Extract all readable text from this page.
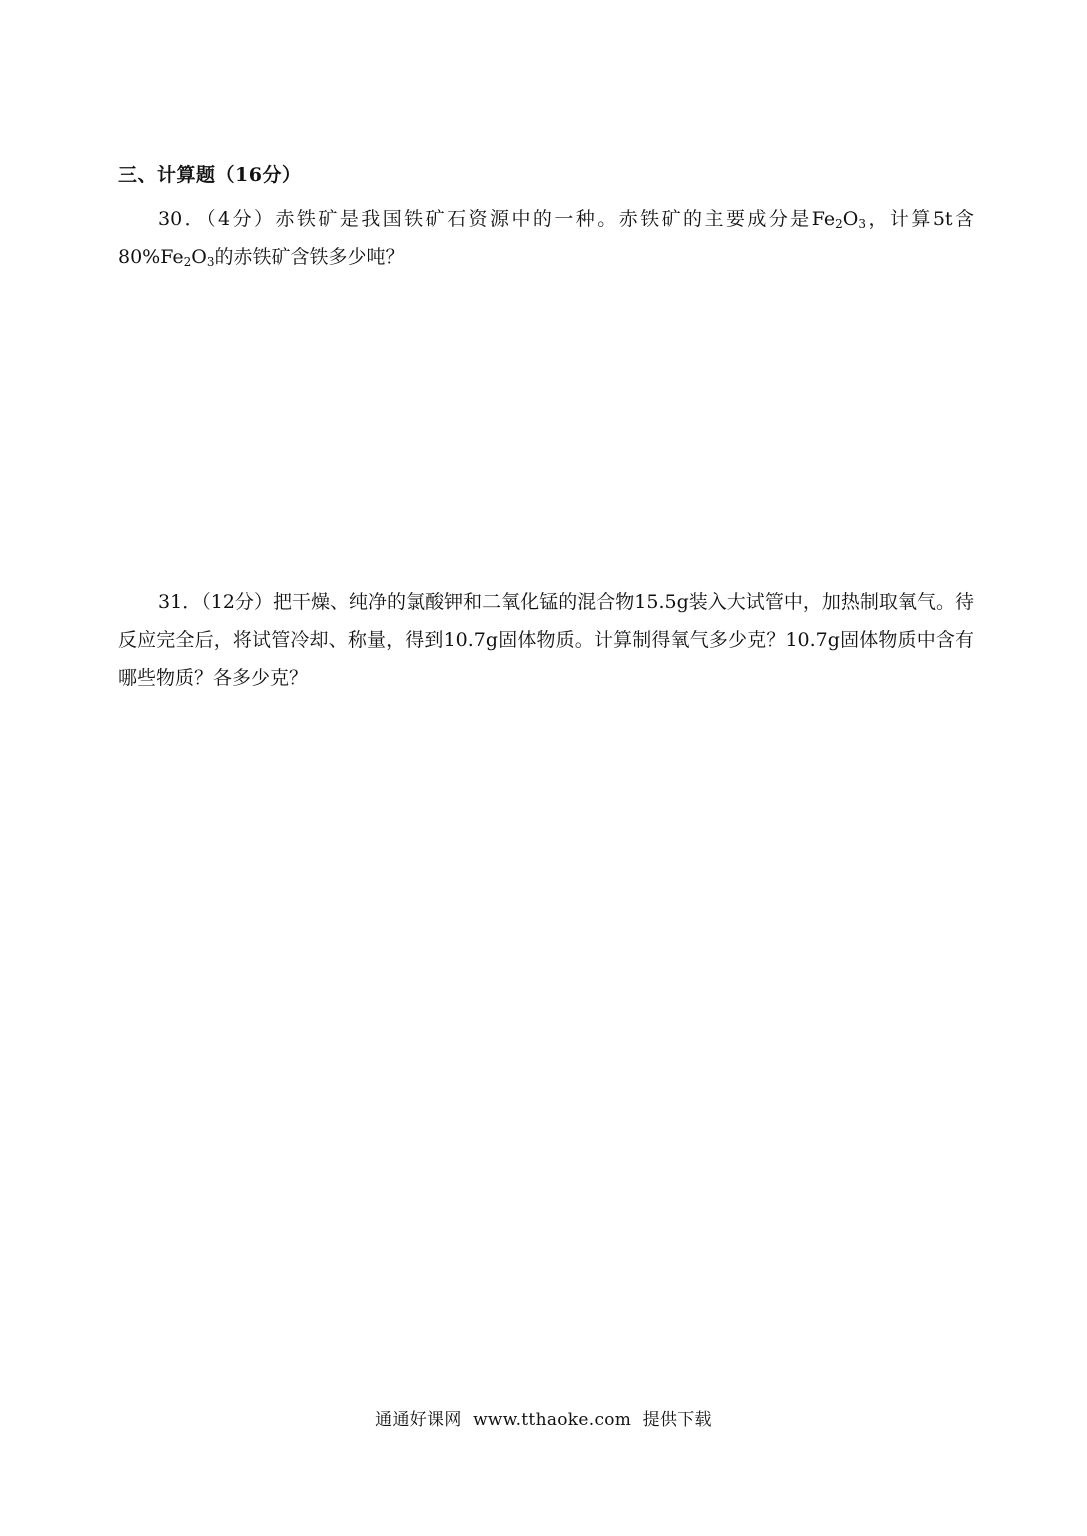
三、计算题（16分）

30．（4分）赤铁矿是我国铁矿石资源中的一种。赤铁矿的主要成分是$Fe_2O_3$，计算5t含$80\%Fe_2O_3$的赤铁矿含铁多少吨？

31．（12分）把干燥、纯净的氯酸钾和二氧化锰的混合物15.5g装入大试管中，加热制取氧气。待反应完全后，将试管冷却、称量，得到10.7g固体物质。计算制得氧气多少克？10.7g固体物质中含有哪些物质？各多少克？

通通好课网 www.tthaoke.com 提供下载
